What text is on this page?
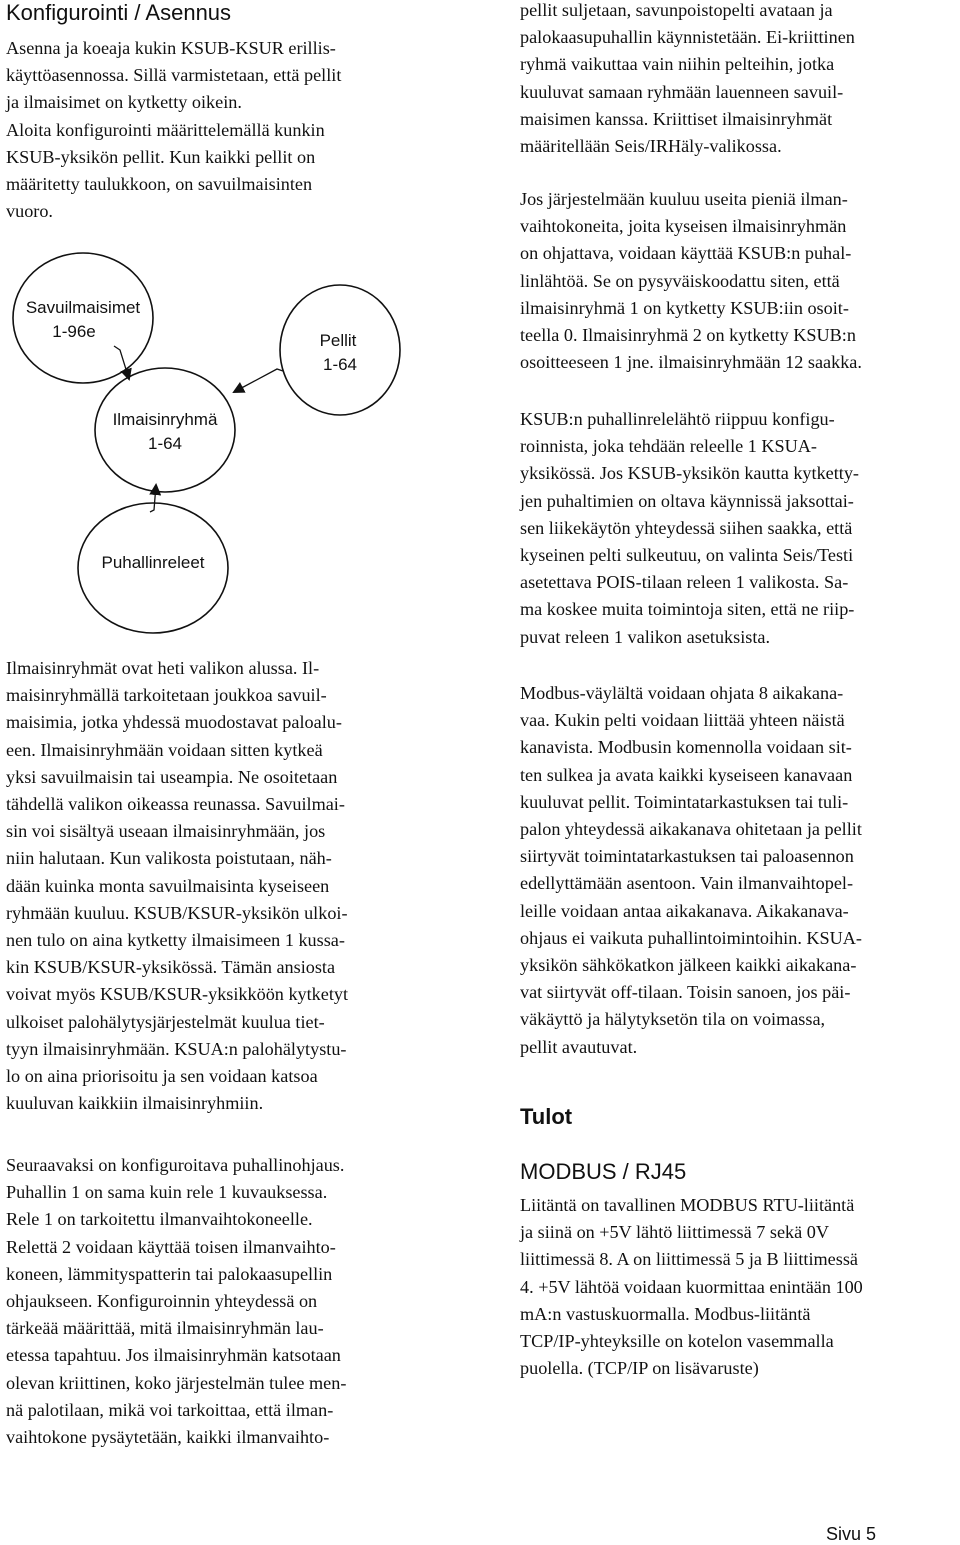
Konfigurointi / Asennus

Asenna ja koeaja kukin KSUB-KSUR erillis-
käyttöasennossa. Sillä varmistetaan, että pellit
ja ilmaisimet on kytketty oikein.
Aloita konfigurointi määrittelemällä kunkin
KSUB-yksikön pellit. Kun kaikki pellit on
määritetty taulukkoon, on savuilmaisinten
vuoro.

Savuilmaisimet
1-96e	Pellit
1-64
Ilmaisinryhmä
1-64
Puhallinreleet

Ilmaisinryhmät ovat heti valikon alussa. Il-
maisinryhmällä tarkoitetaan joukkoa savuil-
maisimia, jotka yhdessä muodostavat paloalu-
een. Ilmaisinryhmään voidaan sitten kytkeä
yksi savuilmaisin tai useampia. Ne osoitetaan
tähdellä valikon oikeassa reunassa. Savuilmai-
sin voi sisältyä useaan ilmaisinryhmään, jos
niin halutaan. Kun valikosta poistutaan, näh-
dään kuinka monta savuilmaisinta kyseiseen
ryhmään kuuluu. KSUB/KSUR-yksikön ulkoi-
nen tulo on aina kytketty ilmaisimeen 1 kussa-
kin KSUB/KSUR-yksikössä. Tämän ansiosta
voivat myös KSUB/KSUR-yksikköön kytketyt
ulkoiset palohälytysjärjestelmät kuulua tiet-
tyyn ilmaisinryhmään. KSUA:n palohälytystu-
lo on aina priorisoitu ja sen voidaan katsoa
kuuluvan kaikkiin ilmaisinryhmiin.

Seuraavaksi on konfiguroitava puhallinohjaus.
Puhallin 1 on sama kuin rele 1 kuvauksessa.
Rele 1 on tarkoitettu ilmanvaihtokoneelle.
Relettä 2 voidaan käyttää toisen ilmanvaihto-
koneen, lämmityspatterin tai palokaasupellin
ohjaukseen. Konfiguroinnin yhteydessä on
tärkeää määrittää, mitä ilmaisinryhmän lau-
etessa tapahtuu. Jos ilmaisinryhmän katsotaan
olevan kriittinen, koko järjestelmän tulee men-
nä palotilaan, mikä voi tarkoittaa, että ilman-
vaihtokone pysäytetään, kaikki ilmanvaihto-

pellit suljetaan, savunpoistopelti avataan ja
palokaasupuhallin käynnistetään. Ei-kriittinen
ryhmä vaikuttaa vain niihin pelteihin, jotka
kuuluvat samaan ryhmään lauenneen savuil-
maisimen kanssa. Kriittiset ilmaisinryhmät
määritellään Seis/IRHäly-valikossa.

Jos järjestelmään kuuluu useita pieniä ilman-
vaihtokoneita, joita kyseisen ilmaisinryhmän
on ohjattava, voidaan käyttää KSUB:n puhal-
linlähtöä. Se on pysyväiskoodattu siten, että
ilmaisinryhmä 1 on kytketty KSUB:iin osoit-
teella 0. Ilmaisinryhmä 2 on kytketty KSUB:n
osoitteeseen 1 jne. ilmaisinryhmään 12 saakka.

KSUB:n puhallinrelelähtö riippuu konfigu-
roinnista, joka tehdään releelle 1 KSUA-
yksikössä. Jos KSUB-yksikön kautta kytketty-
jen puhaltimien on oltava käynnissä jaksottai-
sen liikekäytön yhteydessä siihen saakka, että
kyseinen pelti sulkeutuu, on valinta Seis/Testi
asetettava POIS-tilaan releen 1 valikosta. Sa-
ma koskee muita toimintoja siten, että ne riip-
puvat releen 1 valikon asetuksista.

Modbus-väylältä voidaan ohjata 8 aikakana-
vaa. Kukin pelti voidaan liittää yhteen näistä
kanavista. Modbusin komennolla voidaan sit-
ten sulkea ja avata kaikki kyseiseen kanavaan
kuuluvat pellit. Toimintatarkastuksen tai tuli-
palon yhteydessä aikakanava ohitetaan ja pellit
siirtyvät toimintatarkastuksen tai paloasennon
edellyttämään asentoon. Vain ilmanvaihtopel-
leille voidaan antaa aikakanava. Aikakanava-
ohjaus ei vaikuta puhallintoimintoihin. KSUA-
yksikön sähkökatkon jälkeen kaikki aikakana-
vat siirtyvät off-tilaan. Toisin sanoen, jos päi-
väkäyttö ja hälytyksetön tila on voimassa,
pellit avautuvat.

Tulot
MODBUS / RJ45

Liitäntä on tavallinen MODBUS RTU-liitäntä
ja siinä on +5V lähtö liittimessä 7 sekä 0V
liittimessä 8. A on liittimessä 5 ja B liittimessä
4. +5V lähtöä voidaan kuormittaa enintään 100
mA:n vastuskuormalla. Modbus-liitäntä
TCP/IP-yhteyksille on kotelon vasemmalla
puolella. (TCP/IP on lisävaruste)

Sivu 5
